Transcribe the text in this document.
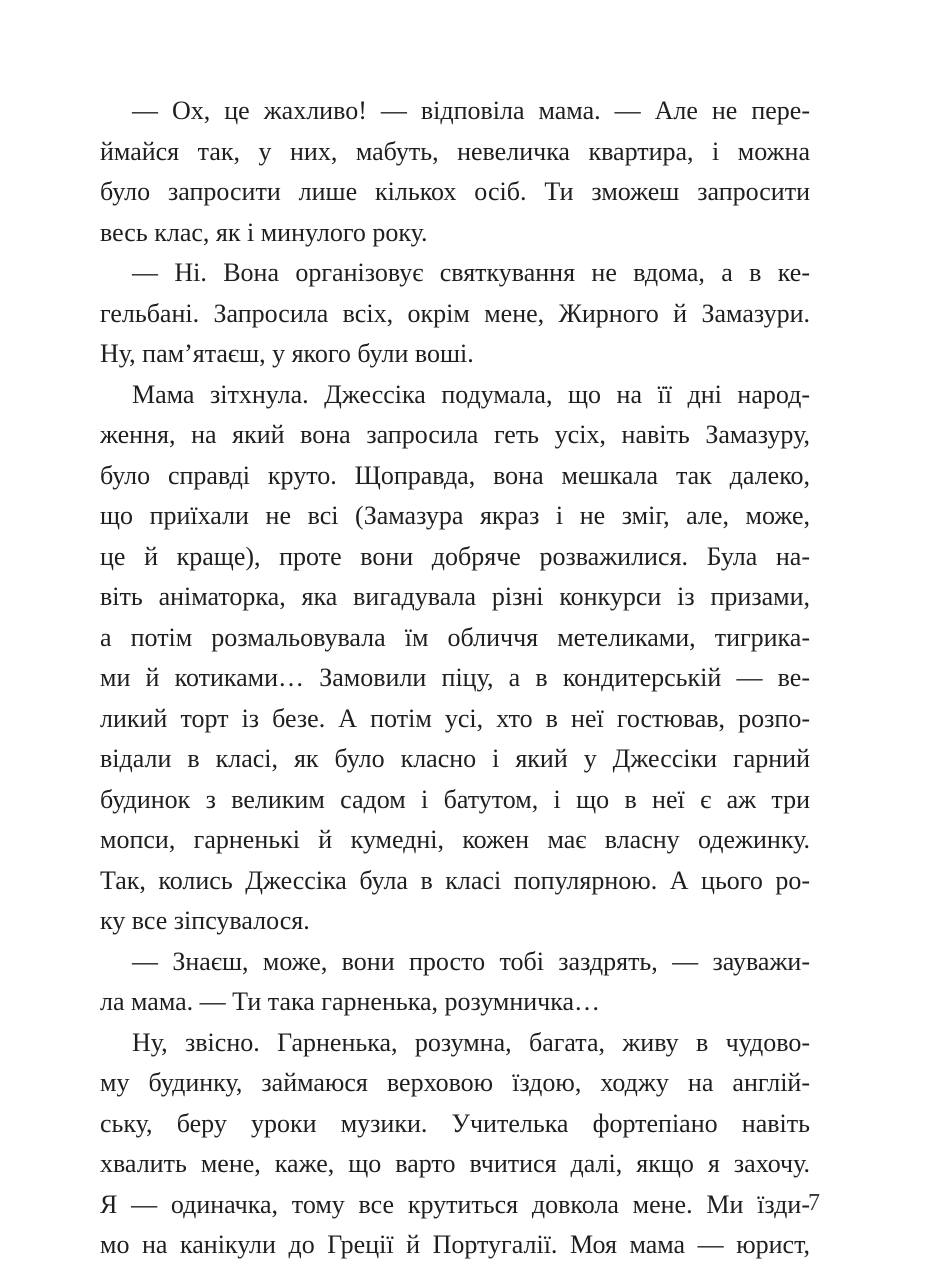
— Ох, це жахливо! — відповіла мама. — Але не пере-
ймайся так, у них, мабуть, невеличка квартира, і можна
було запросити лише кількох осіб. Ти зможеш запросити
весь клас, як і минулого року.
— Ні. Вона організовує святкування не вдома, а в ке-
гельбані. Запросила всіх, окрім мене, Жирного й Замазури.
Ну, пам’ятаєш, у якого були воші.
Мама зітхнула. Джессіка подумала, що на її дні народ-
ження, на який вона запросила геть усіх, навіть Замазуру,
було справді круто. Щоправда, вона мешкала так далеко,
що приїхали не всі (Замазура якраз і не зміг, але, може,
це й краще), проте вони добряче розважилися. Була на-
віть аніматорка, яка вигадувала різні конкурси із призами,
а потім розмальовувала їм обличчя метеликами, тигрика-
ми й котиками… Замовили піцу, а в кондитерській — ве-
ликий торт із безе. А потім усі, хто в неї гостював, розпо-
відали в класі, як було класно і який у Джессіки гарний
будинок з великим садом і батутом, і що в неї є аж три
мопси, гарненькі й кумедні, кожен має власну одежинку.
Так, колись Джессіка була в класі популярною. А цього ро-
ку все зіпсувалося.
— Знаєш, може, вони просто тобі заздрять, — зауважи-
ла мама. — Ти така гарненька, розумничка…
Ну, звісно. Гарненька, розумна, багата, живу в чудово-
му будинку, займаюся верховою їздою, ходжу на англій-
ську, беру уроки музики. Учителька фортепіано навіть
хвалить мене, каже, що варто вчитися далі, якщо я захочу.
Я — одиначка, тому все крутиться довкола мене. Ми їзди-
мо на канікули до Греції й Португалії. Моя мама — юрист,
7
